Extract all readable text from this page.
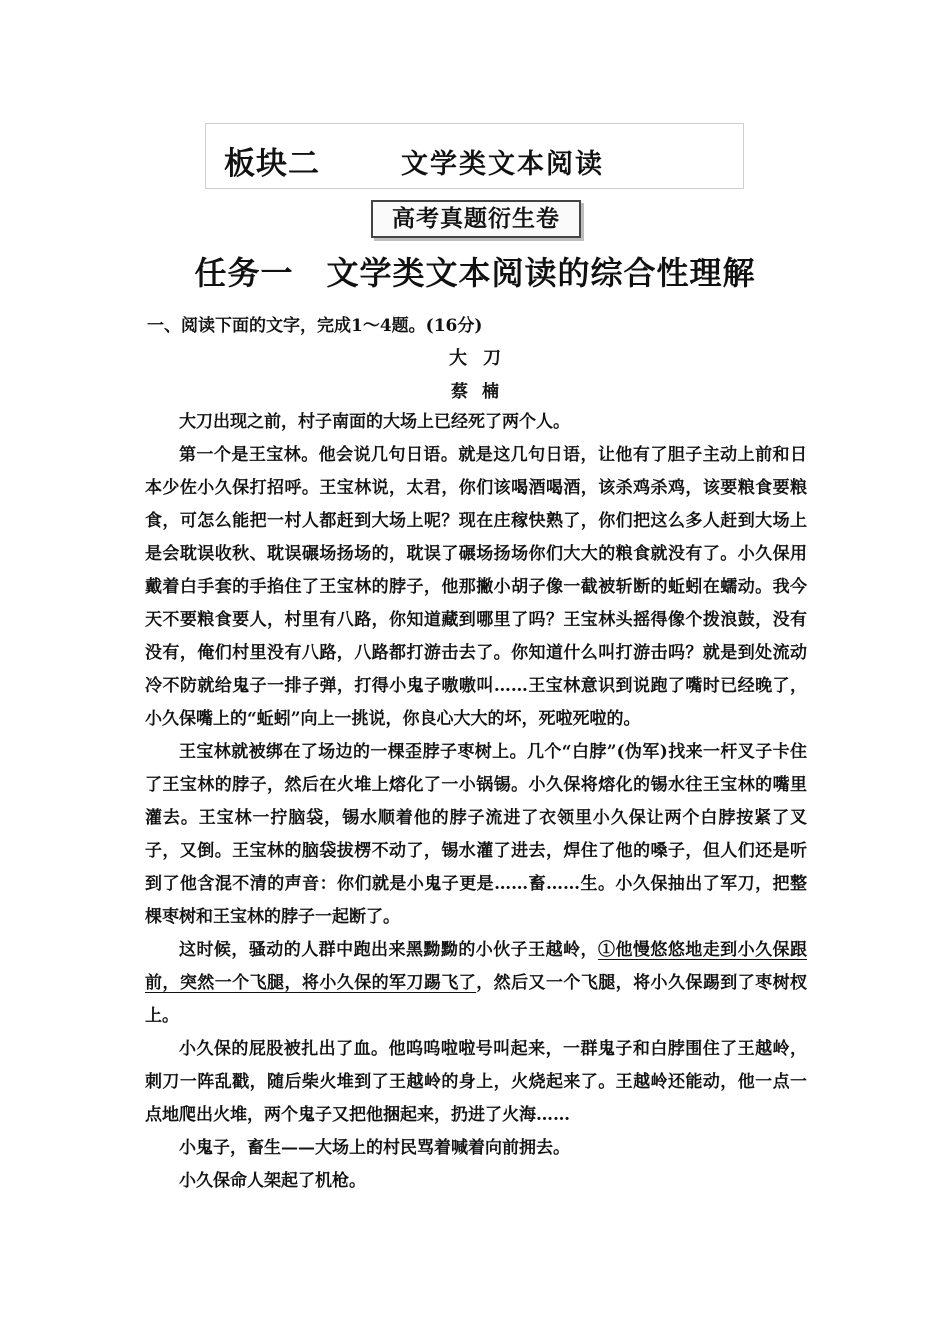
板块二	文学类文本阅读
高考真题衍生卷
任务一　文学类文本阅读的综合性理解
一、阅读下面的文字，完成1～4题。(16分)
大刀
蔡楠

大刀出现之前，村子南面的大场上已经死了两个人。

第一个是王宝林。他会说几句日语。就是这几句日语，让他有了胆子主动上前和日本少佐小久保打招呼。王宝林说，太君，你们该喝酒喝酒，该杀鸡杀鸡，该要粮食要粮食，可怎么能把一村人都赶到大场上呢？现在庄稼快熟了，你们把这么多人赶到大场上是会耽误收秋、耽误碾场扬场的，耽误了碾场扬场你们大大的粮食就没有了。小久保用戴着白手套的手掐住了王宝林的脖子，他那撇小胡子像一截被斩断的蚯蚓在蠕动。我今天不要粮食要人，村里有八路，你知道藏到哪里了吗？王宝林头摇得像个拨浪鼓，没有没有，俺们村里没有八路，八路都打游击去了。你知道什么叫打游击吗？就是到处流动冷不防就给鬼子一排子弹，打得小鬼子嗷嗷叫……王宝林意识到说跑了嘴时已经晚了，小久保嘴上的“蚯蚓”向上一挑说，你良心大大的坏，死啦死啦的。

王宝林就被绑在了场边的一棵歪脖子枣树上。几个“白脖”(伪军)找来一杆叉子卡住了王宝林的脖子，然后在火堆上熔化了一小锅锡。小久保将熔化的锡水往王宝林的嘴里灌去。王宝林一拧脑袋，锡水顺着他的脖子流进了衣领里小久保让两个白脖按紧了叉子，又倒。王宝林的脑袋拔楞不动了，锡水灌了进去，焊住了他的嗓子，但人们还是听到了他含混不清的声音：你们就是小鬼子更是……畜……生。小久保抽出了军刀，把整棵枣树和王宝林的脖子一起断了。

这时候，骚动的人群中跑出来黑黝黝的小伙子王越岭，①他慢悠悠地走到小久保跟前，突然一个飞腿，将小久保的军刀踢飞了，然后又一个飞腿，将小久保踢到了枣树杈上。

小久保的屁股被扎出了血。他呜呜啦啦号叫起来，一群鬼子和白脖围住了王越岭，刺刀一阵乱戳，随后柴火堆到了王越岭的身上，火烧起来了。王越岭还能动，他一点一点地爬出火堆，两个鬼子又把他捆起来，扔进了火海……

小鬼子，畜生——大场上的村民骂着喊着向前拥去。

小久保命人架起了机枪。
